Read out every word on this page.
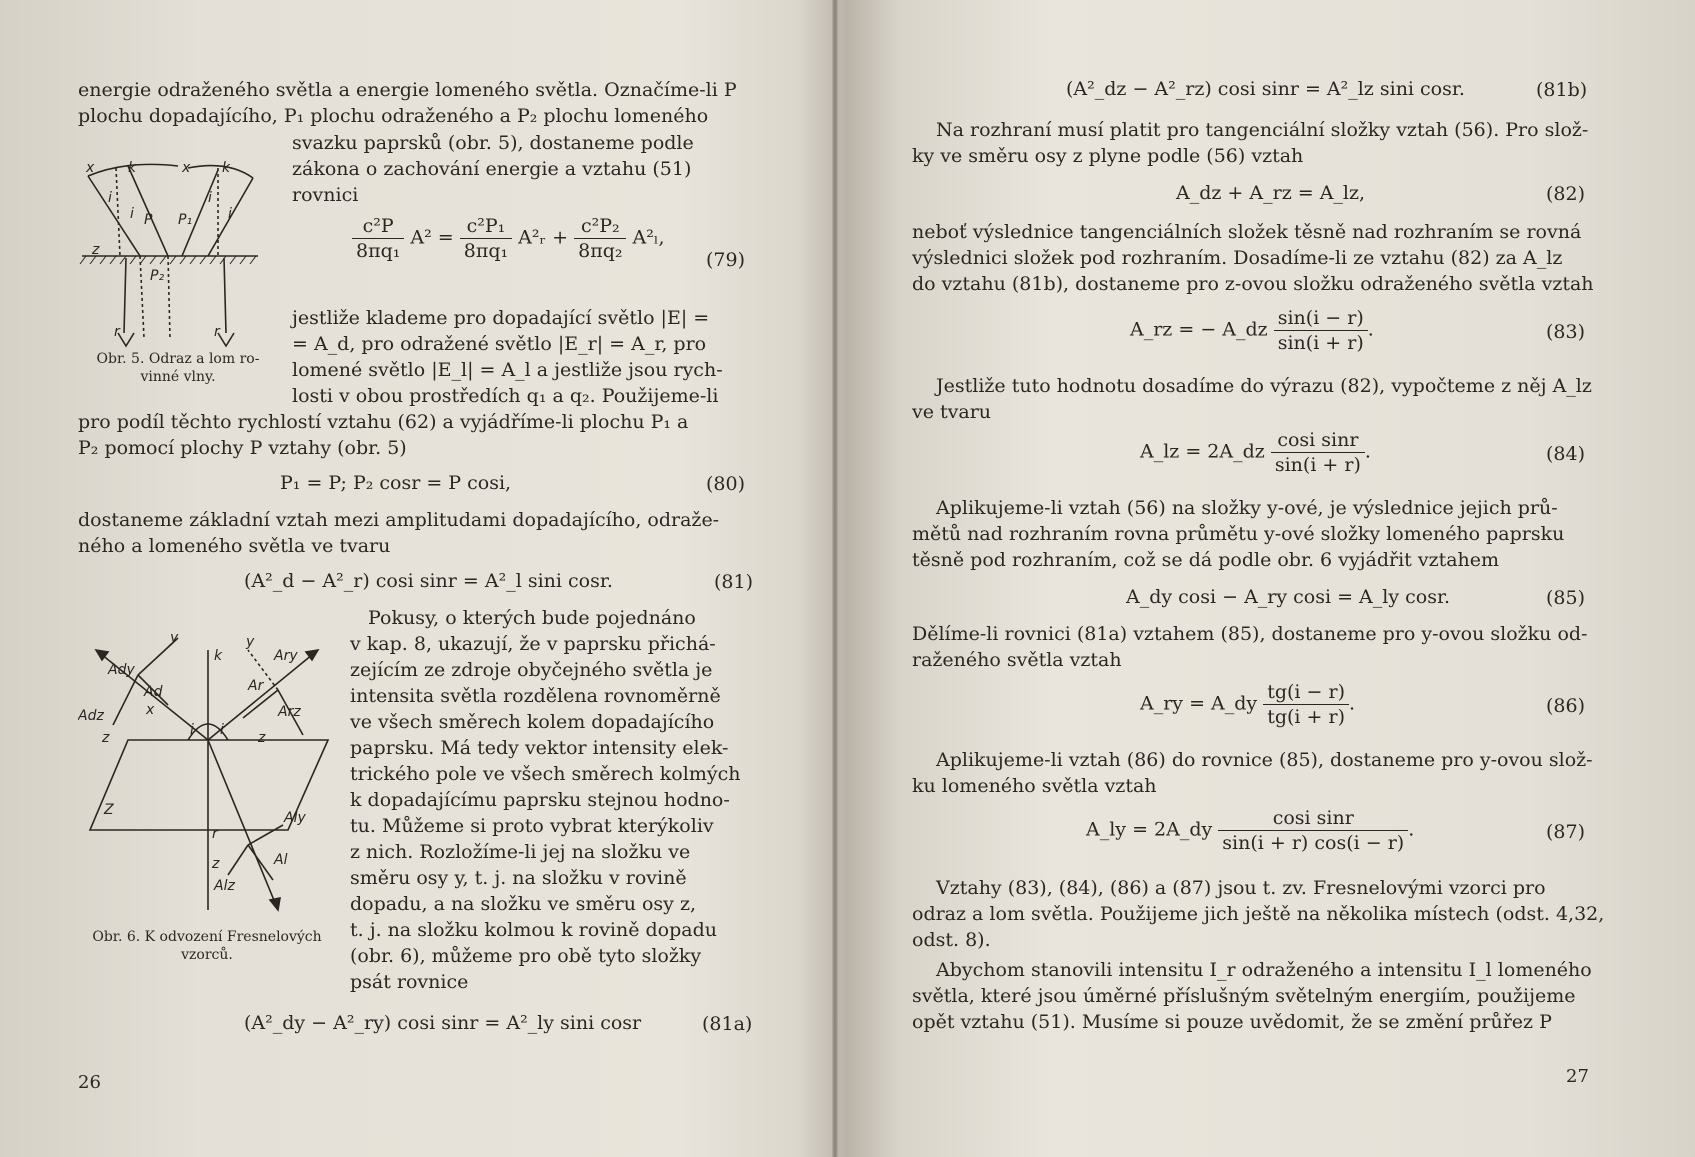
energie odraženého světla a energie lomeného světla. Označíme-li P

plochu dopadajícího, P₁ plochu odraženého a P₂ plochu lomeného

svazku paprsků (obr. 5), dostaneme podle

zákona o zachování energie a vztahu (51)

rovnici

$\frac{\text{c²P}}{\text{8πq₁}} A^2 = \frac{\text{c²P₁}}{\text{8πq₁}}$ A²ᵣ + $\frac{\text{c²P₂}}{\text{8πq₂}} A^2_l$,
(79)

jestliže klademe pro dopadající světlo |E| =

= A_d, pro odražené světlo |E_r| = A_r, pro

lomené světlo |E_l| = A_l a jestliže jsou rych-

losti v obou prostředích q₁ a q₂. Použijeme-li

pro podíl těchto rychlostí vztahu (62) a vyjádříme-li plochu P₁ a

P₂ pomocí plochy P vztahy (obr. 5)

x k	x k
i
i
i
i
P P₁
P₂
z
r	r
Obr. 5. Odraz a lom ro-
vinné vlny.
P₁ = P; P₂ cosr = P cosi,	(80)

dostaneme základní vztah mezi amplitudami dopadajícího, odraže-

ného a lomeného světla ve tvaru

(A²_d − A²_r) cosi sinr = A²_l sini cosr.	(81)

Pokusy, o kterých bude pojednáno

v kap. 8, ukazují, že v paprsku přichá-

zejícím ze zdroje obyčejného světla je

intensita světla rozdělena rovnoměrně

ve všech směrech kolem dopadajícího

paprsku. Má tedy vektor intensity elek-

trického pole ve všech směrech kolmých

k dopadajícímu paprsku stejnou hodno-

tu. Můžeme si proto vybrat kterýkoliv

z nich. Rozložíme-li jej na složku ve

směru osy y, t. j. na složku v rovině

dopadu, a na složku ve směru osy z,

t. j. na složku kolmou k rovině dopadu

(obr. 6), můžeme pro obě tyto složky

psát rovnice

y	y
k
Ady
Ad
x
Adz
z
Ary
Ar
Arz
i i z
Z	Aly
r
Al
z
Alz
Obr. 6. K odvození Fresnelových
vzorců.
(A²_dy − A²_ry) cosi sinr = A²_ly sini cosr	(81a)
26
(A²_dz − A²_rz) cosi sinr = A²_lz sini cosr.	(81b)

Na rozhraní musí platit pro tangenciální složky vztah (56). Pro slož-

ky ve směru osy z plyne podle (56) vztah

A_dz + A_rz = A_lz,	(82)

neboť výslednice tangenciálních složek těsně nad rozhraním se rovná

výslednici složek pod rozhraním. Dosadíme-li ze vztahu (82) za A_lz

do vztahu (81b), dostaneme pro z-ovou složku odraženého světla vztah

A_rz = − A_dz $\frac{\sin(i - r)}{\sin(i + r)}$ .	(83)

Jestliže tuto hodnotu dosadíme do výrazu (82), vypočteme z něj A_lz

ve tvaru

A_lz = 2A_dz $\frac{\text{cosi sinr}}{\sin(i + r)}$ .	(84)

Aplikujeme-li vztah (56) na složky y-ové, je výslednice jejich prů-

mětů nad rozhraním rovna průmětu y-ové složky lomeného paprsku

těsně pod rozhraním, což se dá podle obr. 6 vyjádřit vztahem

A_dy cosi − A_ry cosi = A_ly cosr.	(85)

Dělíme-li rovnici (81a) vztahem (85), dostaneme pro y-ovou složku od-

raženého světla vztah

A_ry = A_dy $\frac{tg(i - r)}{tg(i + r)}$ .	(86)

Aplikujeme-li vztah (86) do rovnice (85), dostaneme pro y-ovou slož-

ku lomeného světla vztah

A_ly = 2A_dy $\frac{\text{cosi sinr}}{\sin(i + r) \cos(i - r)}$ .	(87)

Vztahy (83), (84), (86) a (87) jsou t. zv. Fresnelovými vzorci pro

odraz a lom světla. Použijeme jich ještě na několika místech (odst. 4,32,

odst. 8).

Abychom stanovili intensitu I_r odraženého a intensitu I_l lomeného

světla, které jsou úměrné příslušným světelným energiím, použijeme

opět vztahu (51). Musíme si pouze uvědomit, že se změní průřez P

27
